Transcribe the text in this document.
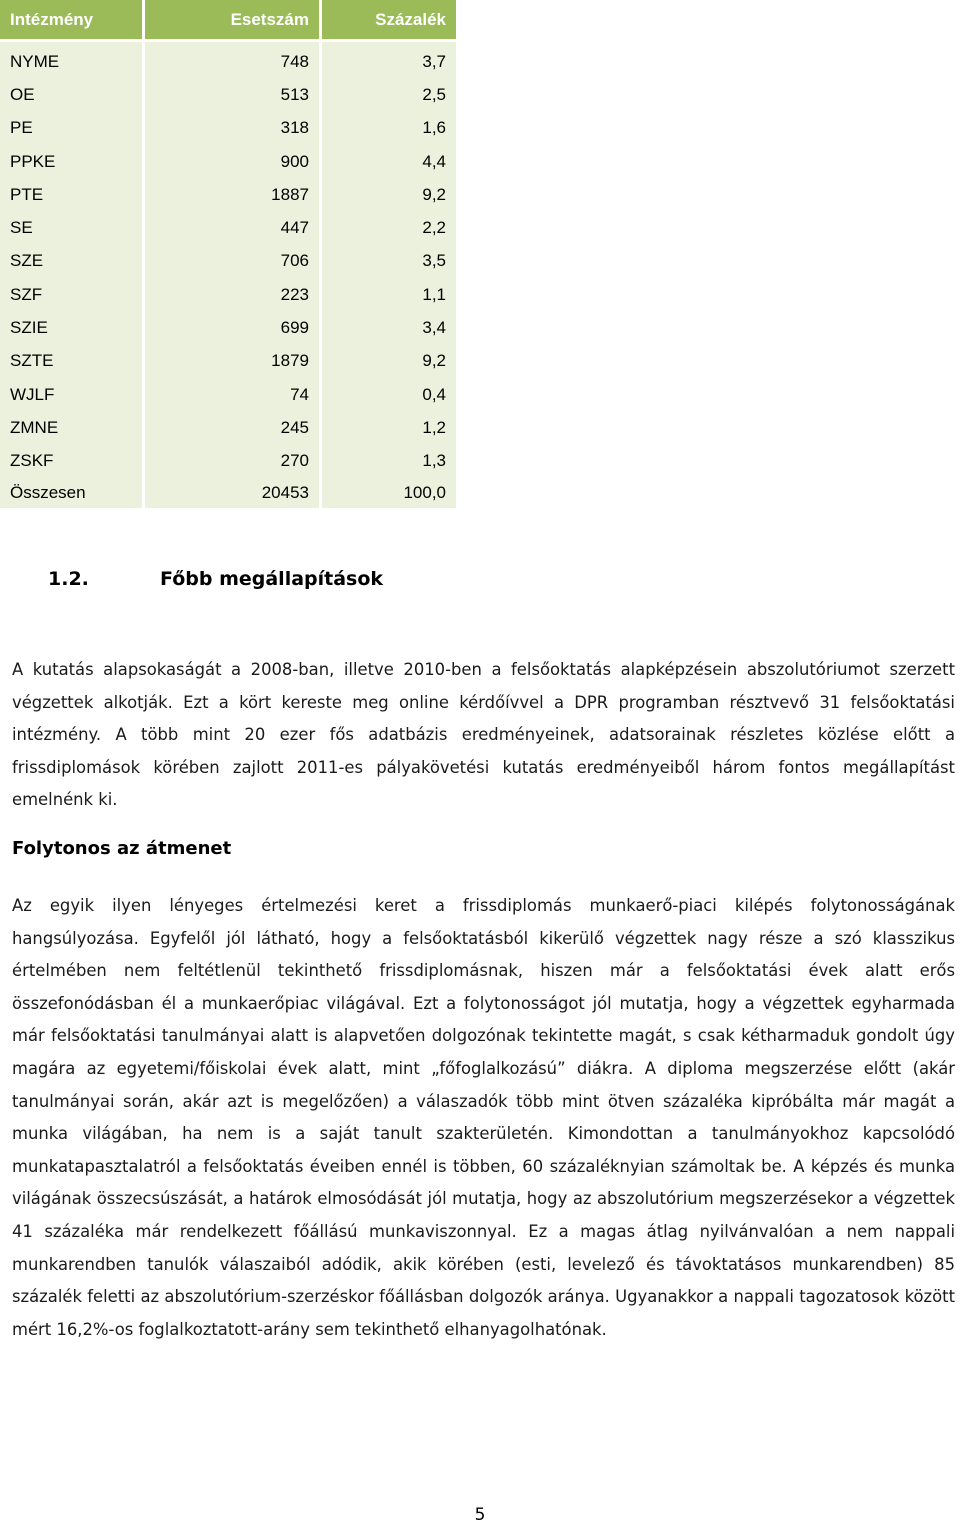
Intézmény	Esetszám	Százalék

NYME	748	3,7
OE	513	2,5
PE	318	1,6
PPKE	900	4,4
PTE	1887	9,2
SE	447	2,2
SZE	706	3,5
SZF	223	1,1
SZIE	699	3,4
SZTE	1879	9,2
WJLF	74	0,4
ZMNE	245	1,2
ZSKF	270	1,3
Összesen	20453	100,0
1.2.	Főbb megállapítások
A kutatás alapsokaságát a 2008-ban, illetve 2010-ben a felsőoktatás alapképzésein abszolutóriumot szerzett végzettek alkotják. Ezt a kört kereste meg online kérdőívvel a DPR programban résztvevő 31 felsőoktatási intézmény. A több mint 20 ezer fős adatbázis eredményeinek, adatsorainak részletes közlése előtt a frissdiplomások körében zajlott 2011-es pályakövetési kutatás eredményeiből három fontos megállapítást emelnénk ki.
Folytonos az átmenet
Az egyik ilyen lényeges értelmezési keret a frissdiplomás munkaerő-piaci kilépés folytonosságának hangsúlyozása. Egyfelől jól látható, hogy a felsőoktatásból kikerülő végzettek nagy része a szó klasszikus értelmében nem feltétlenül tekinthető frissdiplomásnak, hiszen már a felsőoktatási évek alatt erős összefonódásban él a munkaerőpiac világával. Ezt a folytonosságot jól mutatja, hogy a végzettek egyharmada már felsőoktatási tanulmányai alatt is alapvetően dolgozónak tekintette magát, s csak kétharmaduk gondolt úgy magára az egyetemi/főiskolai évek alatt, mint „főfoglalkozású” diákra. A diploma megszerzése előtt (akár tanulmányai során, akár azt is megelőzően) a válaszadók több mint ötven százaléka kipróbálta már magát a munka világában, ha nem is a saját tanult szakterületén. Kimondottan a tanulmányokhoz kapcsolódó munkatapasztalatról a felsőoktatás éveiben ennél is többen, 60 százaléknyian számoltak be. A képzés és munka világának összecsúszását, a határok elmosódását jól mutatja, hogy az abszolutórium megszerzésekor a végzettek 41 százaléka már rendelkezett főállású munkaviszonnyal. Ez a magas átlag nyilvánvalóan a nem nappali munkarendben tanulók válaszaiból adódik, akik körében (esti, levelező és távoktatásos munkarendben) 85 százalék feletti az abszolutórium-szerzéskor főállásban dolgozók aránya. Ugyanakkor a nappali tagozatosok között mért 16,2%-os foglalkoztatott-arány sem tekinthető elhanyagolhatónak.
5
